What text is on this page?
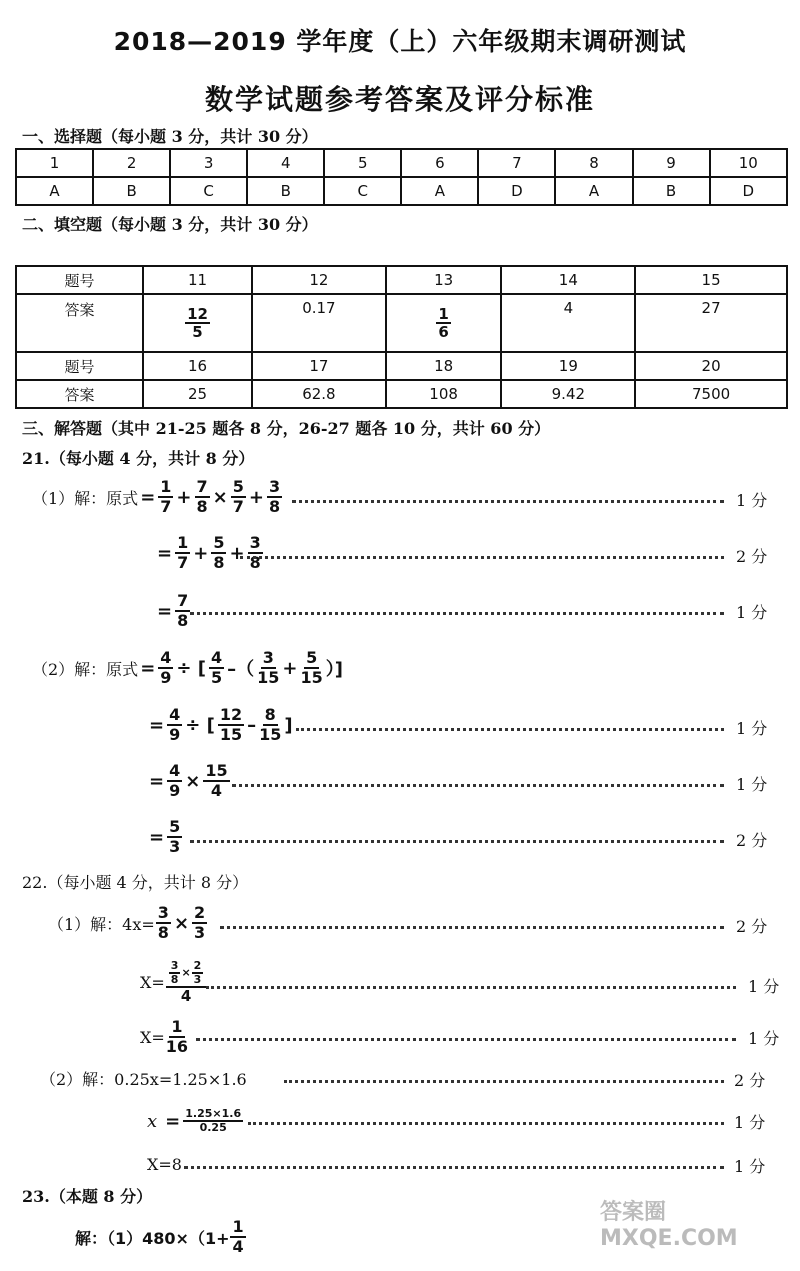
2018—2019 学年度（上）六年级期末调研测试
数学试题参考答案及评分标准
一、选择题（每小题 3 分，共计 30 分）
1	2	3	4	5	6	7	8	9	10
A	B	C	B	C	A	D	A	B	D
二、填空题（每小题 3 分，共计 30 分）
题号	11	12	13	14	15
答案	$\frac{12}{5}$	0.17	$\frac{1}{6}$	4	27
题号	16	17	18	19	20
答案	25	62.8	108	9.42	7500
三、解答题（其中 21-25 题各 8 分，26-27 题各 10 分，共计 60 分）
21.（每小题 4 分，共计 8 分）
（1）解：原式 = $\frac{1}{7} + \frac{7}{8} \times \frac{5}{7} + \frac{3}{8}$	1 分
= $\frac{1}{7} + \frac{5}{8} + \frac{3}{8}$	2 分
= $\frac{7}{8}$	1 分
（2）解：原式 = $\frac{4}{9}$ ÷ [ $\frac{4}{5}$ –（ $\frac{3}{15} + \frac{5}{15}$ ）]
= $\frac{4}{9}$ ÷ [ $\frac{12}{15} - \frac{8}{15}$ ]	1 分
= $\frac{4}{9} \times \frac{15}{4}$	1 分
= $\frac{5}{3}$	2 分
22.（每小题 4 分，共计 8 分）
（1）解：$4x= \frac{3}{8} \times \frac{2}{3}$	2 分
$X= \frac{\frac{3}{8} \times \frac{2}{3}}{4}$	1 分
$X= \frac{1}{16}$	1 分
（2）解：0.25x=1.25×1.6	2 分
$x = \frac{1.25\times 1.6}{0.25}$	1 分
X=8	1 分
23.（本题 8 分）
解：$(1)480\times(1+ \frac{1}{4}$
答案圈 MXQE.COM
